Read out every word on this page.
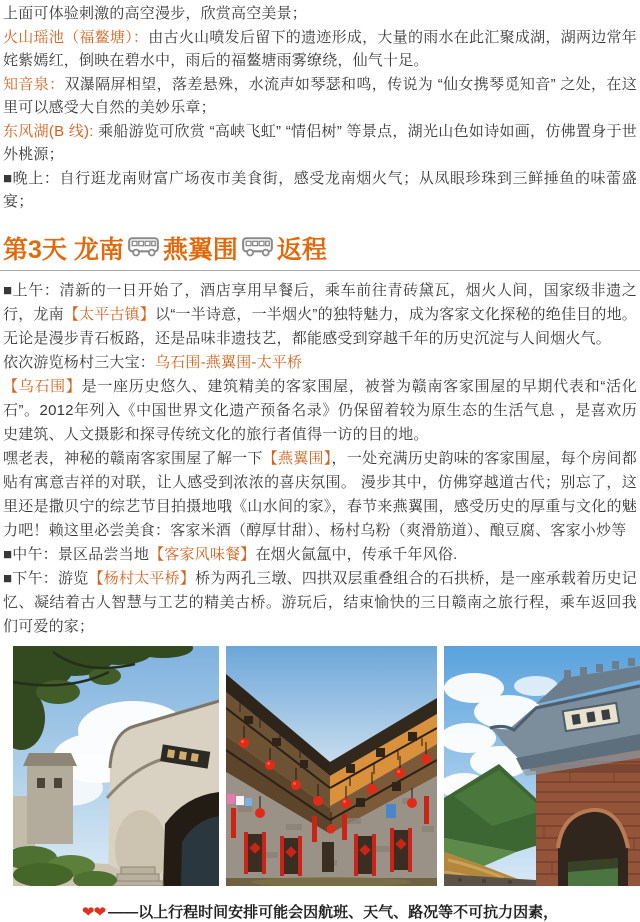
上面可体验刺激的高空漫步，欣赏高空美景；

火山瑶池（福鳌塘）：由古火山喷发后留下的遗迹形成，大量的雨水在此汇聚成湖，湖两边常年姹紫嫣红，倒映在碧水中，雨后的福鳌塘雨雾缭绕，仙气十足。

知音泉：双瀑隔屏相望，落差悬殊，水流声如琴瑟和鸣，传说为 “仙女携琴觅知音” 之处，在这里可以感受大自然的美妙乐章；

东风湖(B 线): 乘船游览可欣赏 “高峡飞虹” “情侣树” 等景点，湖光山色如诗如画，仿佛置身于世外桃源；

■晚上：自行逛龙南财富广场夜市美食街，感受龙南烟火气；从凤眼珍珠到三鲜捶鱼的味蕾盛宴；

第3天 龙南 燕翼围 返程

■上午：清新的一日开始了，酒店享用早餐后，乘车前往青砖黛瓦，烟火人间，国家级非遗之行，龙南【太平古镇】以“一半诗意，一半烟火”的独特魅力，成为客家文化探秘的绝佳目的地。无论是漫步青石板路，还是品味非遗技艺，都能感受到穿越千年的历史沉淀与人间烟火气。

依次游览杨村三大宝：乌石围-燕翼围-太平桥

【乌石围】是一座历史悠久、建筑精美的客家围屋，被誉为赣南客家围屋的早期代表和“活化石”。2012年列入《中国世界文化遗产预备名录》仍保留着较为原生态的生活气息 ，是喜欢历史建筑、人文摄影和探寻传统文化的旅行者值得一访的目的地。

嘿老表，神秘的赣南客家围屋了解一下【燕翼围】，一处充满历史韵味的客家围屋，每个房间都贴有寓意吉祥的对联，让人感受到浓浓的喜庆氛围。 漫步其中，仿佛穿越道古代；别忘了，这里还是撒贝宁的综艺节目拍摄地哦《山水间的家》，春节来燕翼围，感受历史的厚重与文化的魅力吧！赖这里必尝美食：客家米酒（醇厚甘甜）、杨村乌粉（爽滑筋道）、酿豆腐、客家小炒等

■中午：景区品尝当地【客家风味餐】在烟火氤氲中，传承千年风俗.

■下午：游览【杨村太平桥】桥为两孔三墩、四拱双层重叠组合的石拱桥，是一座承载着历史记忆、凝结着古人智慧与工艺的精美古桥。游玩后，结束愉快的三日赣南之旅行程，乘车返回我们可爱的家；

❤❤ ——以上行程时间安排可能会因航班、天气、路况等不可抗力因素，
